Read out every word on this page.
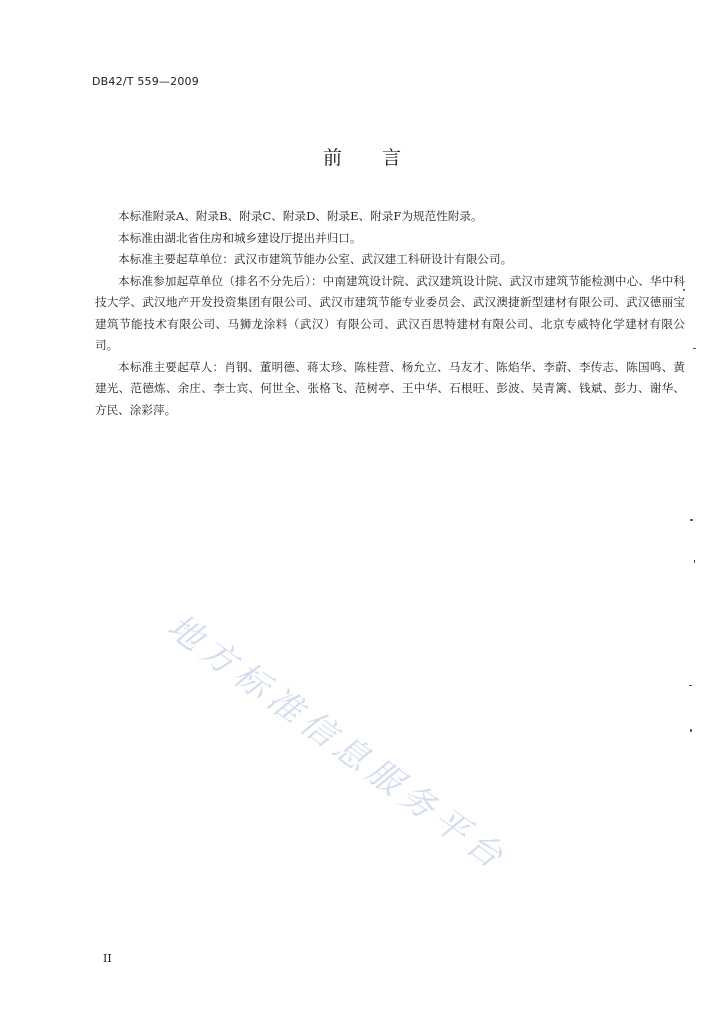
DB42/T 559—2009
前 言

本标准附录A、附录B、附录C、附录D、附录E、附录F为规范性附录。

本标准由湖北省住房和城乡建设厅提出并归口。

本标准主要起草单位：武汉市建筑节能办公室、武汉建工科研设计有限公司。

本标准参加起草单位（排名不分先后）：中南建筑设计院、武汉建筑设计院、武汉市建筑节能检测中心、华中科技大学、武汉地产开发投资集团有限公司、武汉市建筑节能专业委员会、武汉澳捷新型建材有限公司、武汉德丽宝建筑节能技术有限公司、马狮龙涂料（武汉）有限公司、武汉百思特建材有限公司、北京专威特化学建材有限公司。

本标准主要起草人：肖钢、董明德、蒋太珍、陈桂营、杨允立、马友才、陈焰华、李蔚、李传志、陈国鸣、黄建光、范德炼、余庄、李士宾、何世全、张格飞、范树亭、王中华、石根旺、彭波、吴青篱、钱斌、彭力、谢华、方民、涂彩萍。

地方标准信息服务平台
II
